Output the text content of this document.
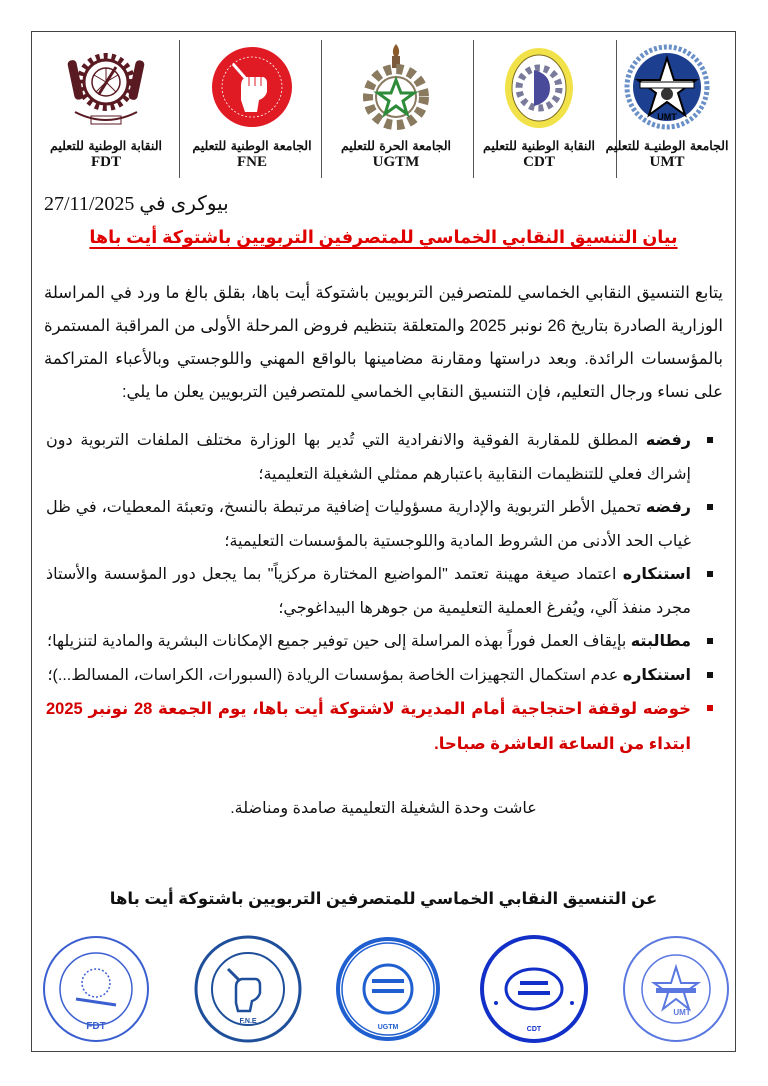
النقابة الوطنية للتعليم
FDT
الجامعة الوطنية للتعليم
FNE
الجامعة الحرة للتعليم
UGTM
النقابة الوطنية للتعليم
CDT
UMT
الجامعة الوطنيـة للتعليم
UMT
بيوكرى في 27/11/2025
بيان التنسيق النقابي الخماسي للمتصرفين التربويين باشتوكة أيت باها

يتابع التنسيق النقابي الخماسي للمتصرفين التربويين باشتوكة أيت باها، بقلق بالغ ما ورد في المراسلة الوزارية الصادرة بتاريخ 26 نونبر 2025 والمتعلقة بتنظيم فروض المرحلة الأولى من المراقبة المستمرة بالمؤسسات الرائدة. وبعد دراستها ومقارنة مضامينها بالواقع المهني واللوجستي وبالأعباء المتراكمة على نساء ورجال التعليم، فإن التنسيق النقابي الخماسي للمتصرفين التربويين يعلن ما يلي:

رفضه المطلق للمقاربة الفوقية والانفرادية التي تُدير بها الوزارة مختلف الملفات التربوية دون إشراك فعلي للتنظيمات النقابية باعتبارهم ممثلي الشغيلة التعليمية؛
رفضه تحميل الأطر التربوية والإدارية مسؤوليات إضافية مرتبطة بالنسخ، وتعبئة المعطيات، في ظل غياب الحد الأدنى من الشروط المادية واللوجستية بالمؤسسات التعليمية؛
استنكاره اعتماد صيغة مهينة تعتمد "المواضيع المختارة مركزياً" بما يجعل دور المؤسسة والأستاذ مجرد منفذ آلي، ويُفرغ العملية التعليمية من جوهرها البيداغوجي؛
مطالبته بإيقاف العمل فوراً بهذه المراسلة إلى حين توفير جميع الإمكانات البشرية والمادية لتنزيلها؛
استنكاره عدم استكمال التجهيزات الخاصة بمؤسسات الريادة (السبورات، الكراسات، المسالط...)؛
خوضه لوقفة احتجاجية أمام المديرية لاشتوكة أيت باها، يوم الجمعة 28 نونبر 2025 ابتداء من الساعة العاشرة صباحا.
عاشت وحدة الشغيلة التعليمية صامدة ومناضلة.
عن التنسيق النقابي الخماسي للمتصرفين التربويين باشتوكة أيت باها
FDT	F.N.E
UGTM	CDT
UMT
